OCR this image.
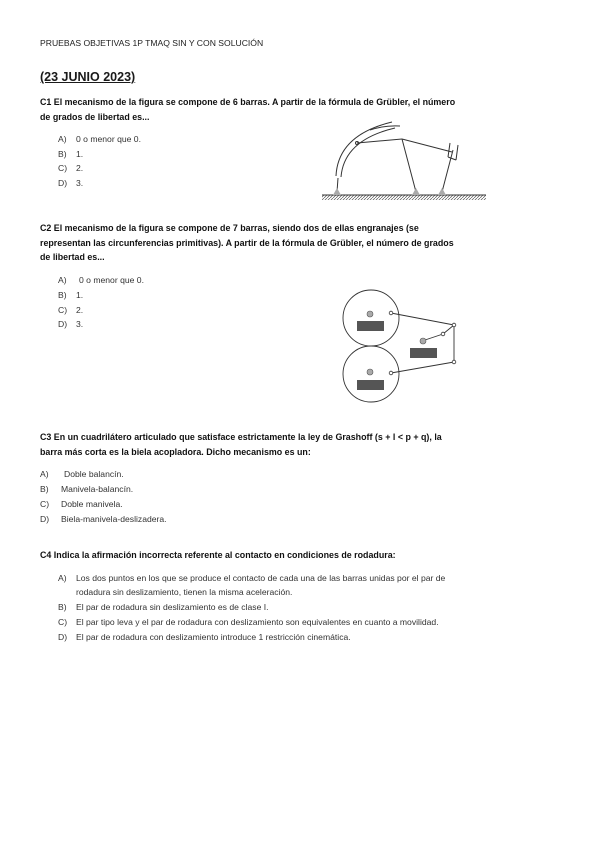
PRUEBAS OBJETIVAS 1P TMAQ SIN Y CON SOLUCIÓN
(23 JUNIO 2023)
C1 El mecanismo de la figura se compone de 6 barras. A partir de la fórmula de Grübler, el número
de grados de libertad es...
A) 0 o menor que 0.
B) 1.
C) 2.
D) 3.
C2 El mecanismo de la figura se compone de 7 barras, siendo dos de ellas engranajes (se
representan las circunferencias primitivas). A partir de la fórmula de Grübler, el número de grados
de libertad es...
A) 0 o menor que 0.
B) 1.
C) 2.
D) 3.
C3 En un cuadrilátero articulado que satisface estrictamente la ley de Grashoff (s + l < p + q), la
barra más corta es la biela acopladora. Dicho mecanismo es un:
A) Doble balancín.
B) Manivela-balancín.
C) Doble manivela.
D) Biela-manivela-deslizadera.
C4 Indica la afirmación incorrecta referente al contacto en condiciones de rodadura:
A) Los dos puntos en los que se produce el contacto de cada una de las barras unidas por el par de
rodadura sin deslizamiento, tienen la misma aceleración.
B) El par de rodadura sin deslizamiento es de clase I.
C) El par tipo leva y el par de rodadura con deslizamiento son equivalentes en cuanto a movilidad.
D) El par de rodadura con deslizamiento introduce 1 restricción cinemática.
